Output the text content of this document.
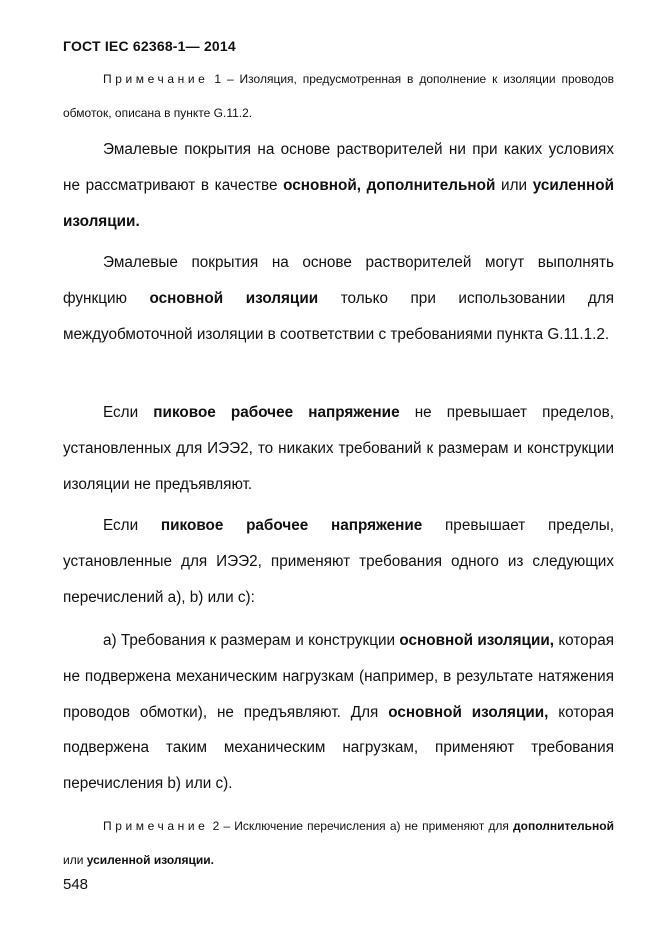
ГОСТ IEC 62368-1— 2014
Примечание 1 – Изоляция, предусмотренная в дополнение к изоляции проводов обмоток, описана в пункте G.11.2.
Эмалевые покрытия на основе растворителей ни при каких условиях не рассматривают в качестве основной, дополнительной или усиленной изоляции.
Эмалевые покрытия на основе растворителей могут выполнять функцию основной изоляции только при использовании для междуобмоточной изоляции в соответствии с требованиями пункта G.11.1.2.
Если пиковое рабочее напряжение не превышает пределов, установленных для ИЭЭ2, то никаких требований к размерам и конструкции изоляции не предъявляют.
Если пиковое рабочее напряжение превышает пределы, установленные для ИЭЭ2, применяют требования одного из следующих перечислений a), b) или c):
a) Требования к размерам и конструкции основной изоляции, которая не подвержена механическим нагрузкам (например, в результате натяжения проводов обмотки), не предъявляют. Для основной изоляции, которая подвержена таким механическим нагрузкам, применяют требования перечисления b) или c).
Примечание 2 – Исключение перечисления a) не применяют для дополнительной или усиленной изоляции.
548
